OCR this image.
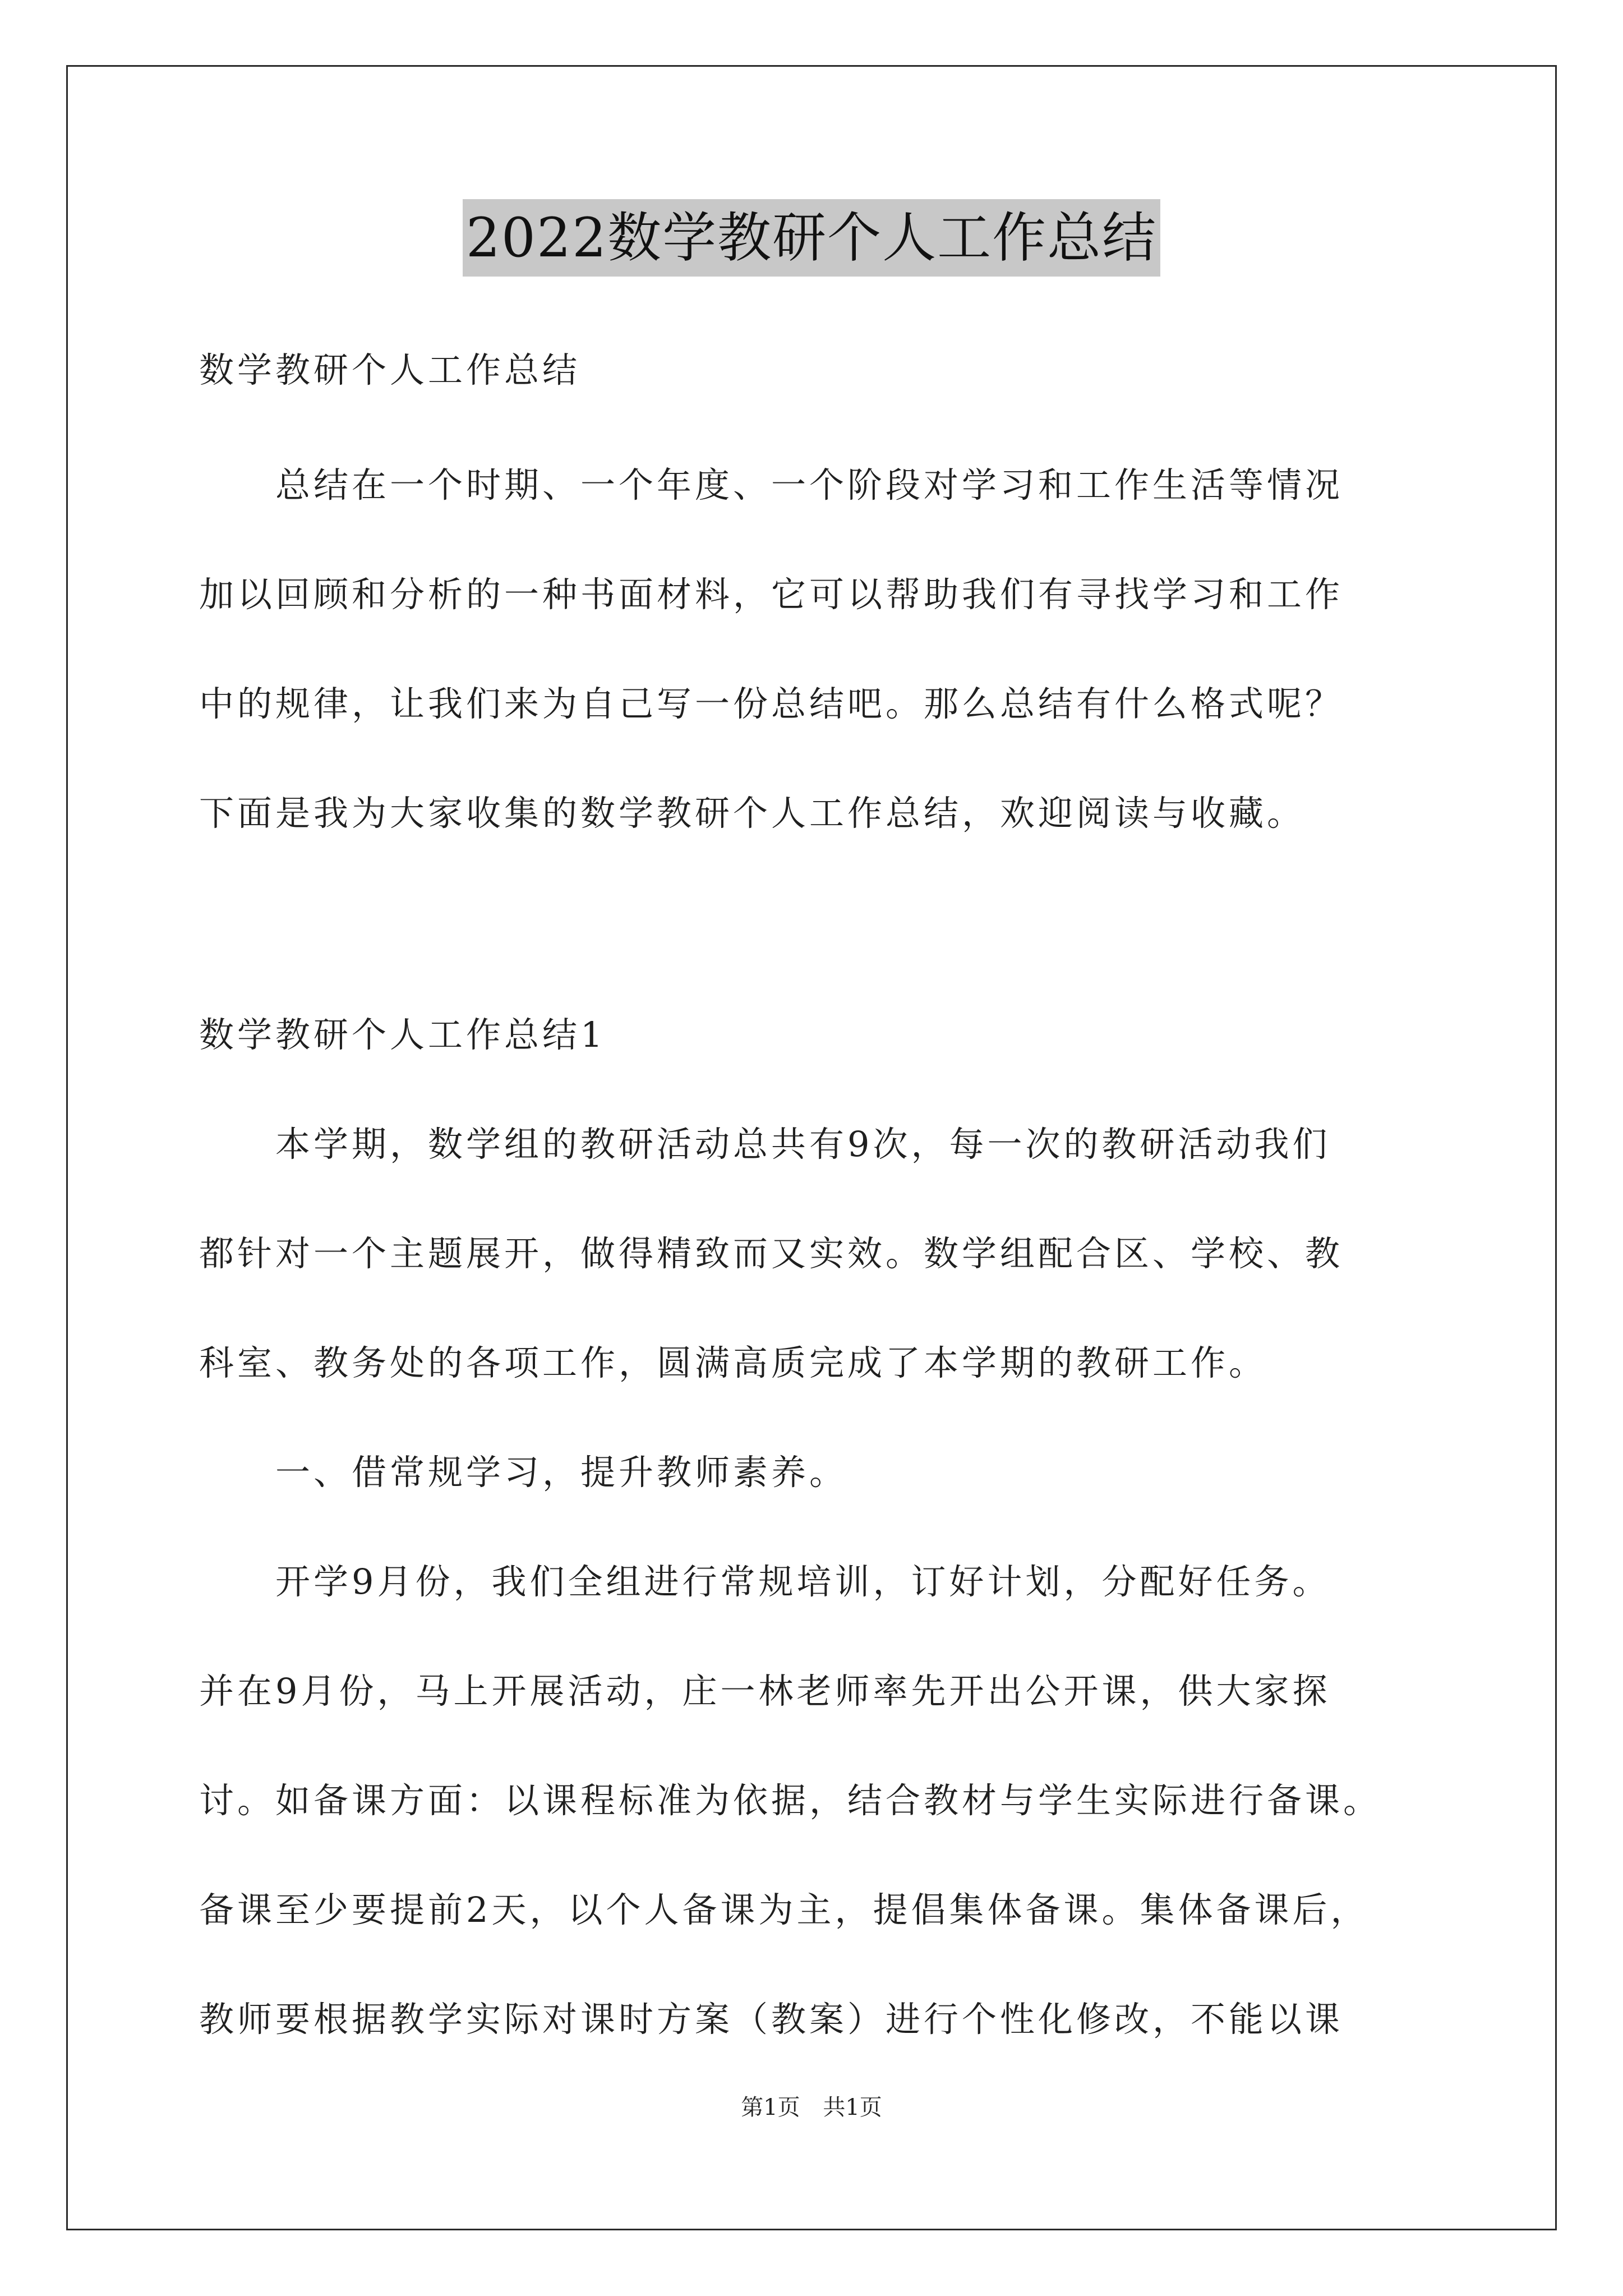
2022数学教研个人工作总结
数学教研个人工作总结
　　总结在一个时期、一个年度、一个阶段对学习和工作生活等情况
加以回顾和分析的一种书面材料，它可以帮助我们有寻找学习和工作
中的规律，让我们来为自己写一份总结吧。那么总结有什么格式呢？
下面是我为大家收集的数学教研个人工作总结，欢迎阅读与收藏。
数学教研个人工作总结1
　　本学期，数学组的教研活动总共有9次，每一次的教研活动我们
都针对一个主题展开，做得精致而又实效。数学组配合区、学校、教
科室、教务处的各项工作，圆满高质完成了本学期的教研工作。
　　一、借常规学习，提升教师素养。
　　开学9月份，我们全组进行常规培训，订好计划，分配好任务。
并在9月份，马上开展活动，庄一林老师率先开出公开课，供大家探
讨。如备课方面：以课程标准为依据，结合教材与学生实际进行备课。
备课至少要提前2天，以个人备课为主，提倡集体备课。集体备课后，
教师要根据教学实际对课时方案（教案）进行个性化修改，不能以课
第1页 共1页
